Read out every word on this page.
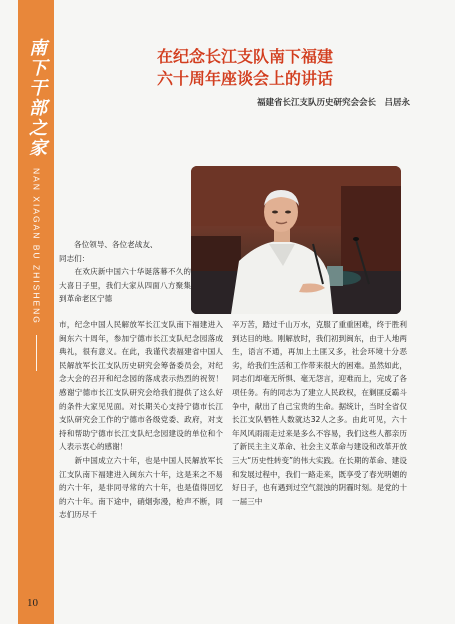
南下干部之家
NAN XIAGAN BU ZHISHENG
在纪念长江支队南下福建
六十周年座谈会上的讲话
福建省长江支队历史研究会会长　吕居永

各位领导、各位老战友、

同志们：

　　在欢庆新中国六十华诞落幕不久的大喜日子里，我们大家从四面八方聚集到革命老区宁德

市，纪念中国人民解放军长江支队南下福建进入闽东六十周年，参加宁德市长江支队纪念园落成典礼，很有意义。在此，我谨代表福建省中国人民解放军长江支队历史研究会筹备委员会，对纪念大会的召开和纪念园的落成表示热烈的祝贺！感谢宁德市长江支队研究会给我们提供了这么好的条件大家见见面。对长期关心支持宁德市长江支队研究会工作的宁德市各级党委、政府，对支持和帮助宁德市长江支队纪念园建设的单位和个人表示衷心的感谢！

　　新中国成立六十年，也是中国人民解放军长江支队南下福建进入闽东六十年，这是来之不易的六十年，是非同寻常的六十年，也是值得回忆的六十年。南下途中，硝烟弥漫，枪声不断，同志们历尽千

辛万苦，踏过千山万水，克服了重重困难，终于胜利到达目的地。刚解放时，我们初到闽东，由于人地两生，语言不通，再加上土匪又多，社会环境十分恶劣，给我们生活和工作带来很大的困难。虽然如此，同志们却毫无所惧、毫无怨言，迎难而上，完成了各项任务。有的同志为了建立人民政权，在剿匪反霸斗争中，献出了自己宝贵的生命。据统计，当时全省仅长江支队牺牲人数就达32人之多。由此可见，六十年风风雨雨走过来是多么不容易，我们这些人都亲历了新民主主义革命、社会主义革命与建设和改革开放三大“历史性转变”的伟大实践。在长期的革命、建设和发展过程中，我们一路走来，既享受了春光明媚的好日子，也有遇到过空气混浊的阴霾时刻。是党的十一届三中

10
